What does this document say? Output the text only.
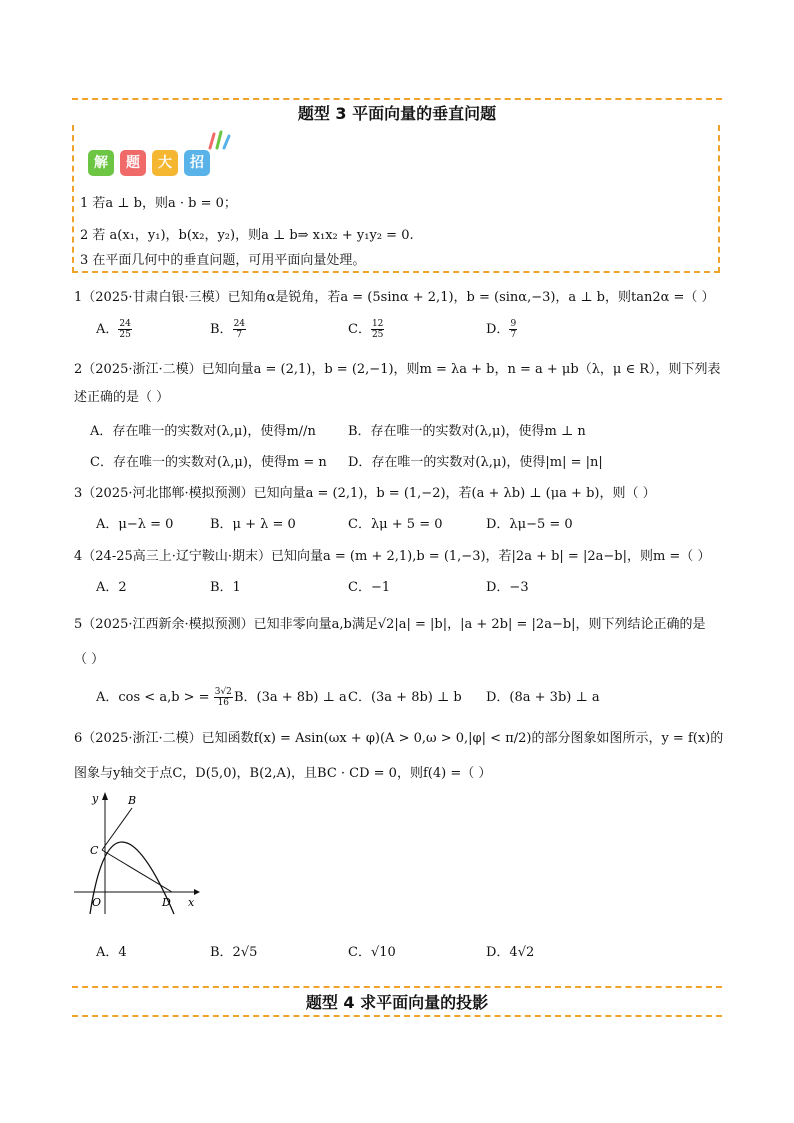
题型 3 平面向量的垂直问题
解	题	大	招
1 若a ⊥ b，则a · b = 0；
2 若 a(x₁，y₁)，b(x₂，y₂)，则a ⊥ b⇒ x₁x₂ + y₁y₂ = 0.
3 在平面几何中的垂直问题，可用平面向量处理。
1（2025·甘肃白银·三模）已知角α是锐角，若a = (5sinα + 2,1)，b = (sinα,−3)，a ⊥ b，则tan2α =（ ）
A． $\frac{24}{25}$	B． $\frac{24}{7}$	C． $\frac{12}{25}$	D． $\frac{9}{7}$
2（2025·浙江·二模）已知向量a = (2,1)，b = (2,−1)，则m = λa + b，n = a + μb（λ，μ ∈ R），则下列表
述正确的是（ ）
A．存在唯一的实数对(λ,μ)，使得m//n B．存在唯一的实数对(λ,μ)，使得m ⊥ n
C．存在唯一的实数对(λ,μ)，使得m = n D．存在唯一的实数对(λ,μ)，使得|m| = |n|
3（2025·河北邯郸·模拟预测）已知向量a = (2,1)，b = (1,−2)，若(a + λb) ⊥ (μa + b)，则（ ）
A．μ−λ = 0	B．μ + λ = 0	C．λμ + 5 = 0	D．λμ−5 = 0
4（24-25高三上·辽宁鞍山·期末）已知向量a = (m + 2,1),b = (1,−3)，若|2a + b| = |2a−b|，则m =（ ）
A．2	B．1	C．−1	D．−3
5（2025·江西新余·模拟预测）已知非零向量a,b满足√2|a| = |b|，|a + 2b| = |2a−b|，则下列结论正确的是
（ ）
A．cos < a,b > = $\frac{3√2}{16}$ B．(3a + 8b) ⊥ a C．(3a + 8b) ⊥ b D．(8a + 3b) ⊥ a
6（2025·浙江·二模）已知函数f(x) = Asin(ωx + φ)(A > 0,ω > 0,|φ| < π/2)的部分图象如图所示，y = f(x)的
图象与y轴交于点C，D(5,0)，B(2,A)，且BC · CD = 0，则f(4) =（ ）
y
x
O
B
C
D
A．4	B．2√5	C．√10	D．4√2
题型 4 求平面向量的投影
